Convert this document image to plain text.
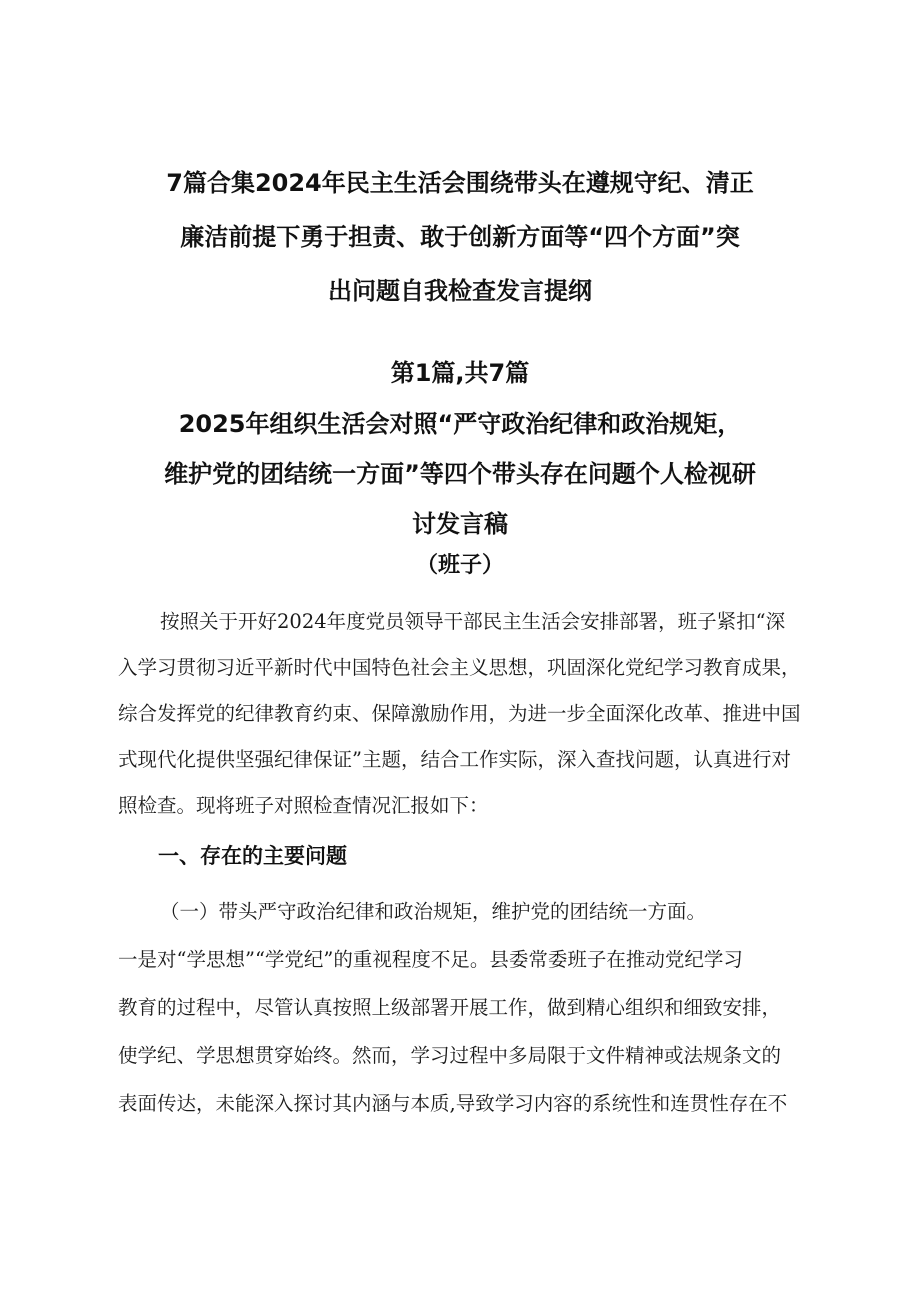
7篇合集2024年民主生活会围绕带头在遵规守纪、清正
廉洁前提下勇于担责、敢于创新方面等“四个方面”突
出问题自我检查发言提纲
第1篇,共7篇
2025年组织生活会对照“严守政治纪律和政治规矩，
维护党的团结统一方面”等四个带头存在问题个人检视研
讨发言稿
（班子）
按照关于开好2024年度党员领导干部民主生活会安排部署，班子紧扣“深
入学习贯彻习近平新时代中国特色社会主义思想，巩固深化党纪学习教育成果，
综合发挥党的纪律教育约束、保障激励作用，为进一步全面深化改革、推进中国
式现代化提供坚强纪律保证”主题，结合工作实际，深入查找问题，认真进行对
照检查。现将班子对照检查情况汇报如下：
一、存在的主要问题
（一）带头严守政治纪律和政治规矩，维护党的团结统一方面。
一是对“学思想”“学党纪”的重视程度不足。县委常委班子在推动党纪学习
教育的过程中，尽管认真按照上级部署开展工作，做到精心组织和细致安排，
使学纪、学思想贯穿始终。然而，学习过程中多局限于文件精神或法规条文的
表面传达，未能深入探讨其内涵与本质,导致学习内容的系统性和连贯性存在不
